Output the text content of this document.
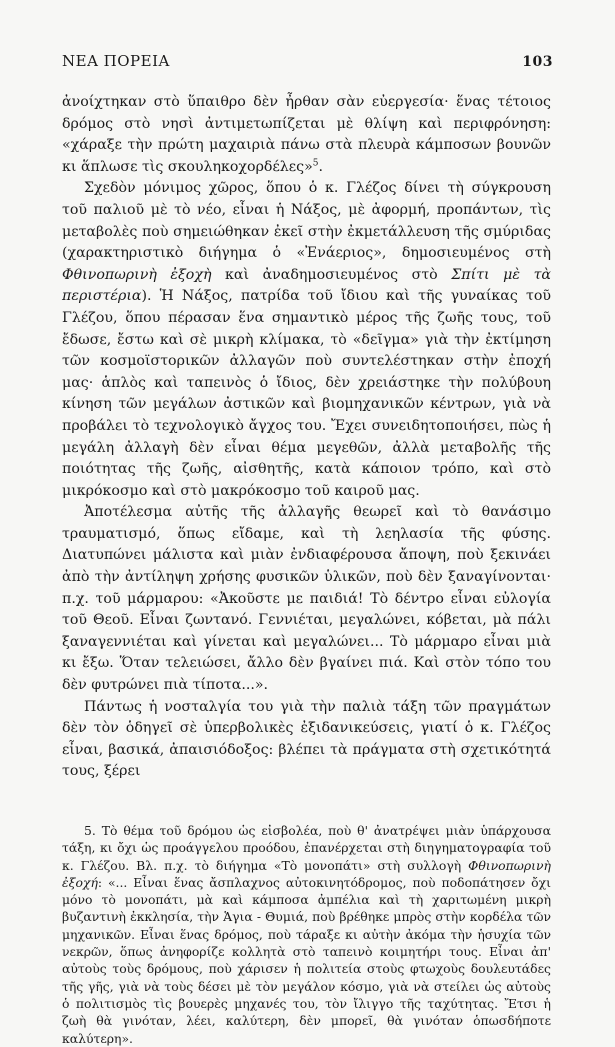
ΝΕΑ ΠΟΡΕΙΑ	103

ἀνοίχτηκαν στὸ ὕπαιθρο δὲν ἦρθαν σὰν εὐεργεσία· ἕνας τέτοιος δρόμος στὸ νησὶ ἀντιμετωπίζεται μὲ θλίψη καὶ περιφρόνηση: «χάραξε τὴν πρώτη μαχαιριὰ πάνω στὰ πλευρὰ κάμποσων βουνῶν κι ἅπλωσε τὶς σκουληκοχορδέλες»$^5$.

Σχεδὸν μόνιμος χῶρος, ὅπου ὁ κ. Γλέζος δίνει τὴ σύγκρουση τοῦ παλιοῦ μὲ τὸ νέο, εἶναι ἡ Νάξος, μὲ ἀφορμή, προπάντων, τὶς μεταβολὲς ποὺ σημειώθηκαν ἐκεῖ στὴν ἐκμετάλλευση τῆς σμύριδας (χαρακτηριστικὸ διήγημα ὁ «Ἐνάεριος», δημοσιευμένος στὴ Φθινοπωρινὴ ἐξοχὴ καὶ ἀναδημοσιευμένος στὸ Σπίτι μὲ τὰ περιστέρια). Ἡ Νάξος, πατρίδα τοῦ ἴδιου καὶ τῆς γυναίκας τοῦ Γλέζου, ὅπου πέρασαν ἕνα σημαντικὸ μέρος τῆς ζωῆς τους, τοῦ ἔδωσε, ἔστω καὶ σὲ μικρὴ κλίμακα, τὸ «δεῖγμα» γιὰ τὴν ἐκτίμηση τῶν κοσμοϊστορικῶν ἀλλαγῶν ποὺ συντελέστηκαν στὴν ἐποχή μας· ἁπλὸς καὶ ταπεινὸς ὁ ἴδιος, δὲν χρειάστηκε τὴν πολύβουη κίνηση τῶν μεγάλων ἀστικῶν καὶ βιομηχανικῶν κέντρων, γιὰ νὰ προβάλει τὸ τεχνολογικὸ ἄγχος του. Ἔχει συνειδητοποιήσει, πὼς ἡ μεγάλη ἀλλαγὴ δὲν εἶναι θέμα μεγεθῶν, ἀλλὰ μεταβολῆς τῆς ποιότητας τῆς ζωῆς, αἰσθητῆς, κατὰ κάποιον τρόπο, καὶ στὸ μικρόκοσμο καὶ στὸ μακρόκοσμο τοῦ καιροῦ μας.

Ἀποτέλεσμα αὐτῆς τῆς ἀλλαγῆς θεωρεῖ καὶ τὸ θανάσιμο τραυματισμό, ὅπως εἴδαμε, καὶ τὴ λεηλασία τῆς φύσης. Διατυπώνει μάλιστα καὶ μιὰν ἐνδιαφέρουσα ἄποψη, ποὺ ξεκινάει ἀπὸ τὴν ἀντίληψη χρήσης φυσικῶν ὑλικῶν, ποὺ δὲν ξαναγίνονται· π.χ. τοῦ μάρμαρου: «Ἀκοῦστε με παιδιά! Τὸ δέντρο εἶναι εὐλογία τοῦ Θεοῦ. Εἶναι ζωντανό. Γεννιέται, μεγαλώνει, κόβεται, μὰ πάλι ξαναγεννιέται καὶ γίνεται καὶ μεγαλώνει... Τὸ μάρμαρο εἶναι μιὰ κι ἔξω. Ὅταν τελειώσει, ἄλλο δὲν βγαίνει πιά. Καὶ στὸν τόπο του δὲν φυτρώνει πιὰ τίποτα...».

Πάντως ἡ νοσταλγία του γιὰ τὴν παλιὰ τάξη τῶν πραγμάτων δὲν τὸν ὁδηγεῖ σὲ ὑπερβολικὲς ἐξιδανικεύσεις, γιατί ὁ κ. Γλέζος εἶναι, βασικά, ἀπαισιόδοξος: βλέπει τὰ πράγματα στὴ σχετικότητά τους, ξέρει

5. Τὸ θέμα τοῦ δρόμου ὡς εἰσβολέα, ποὺ θ' ἀνατρέψει μιὰν ὑπάρχουσα τάξη, κι ὄχι ὡς προάγγελου προόδου, ἐπανέρχεται στὴ διηγηματογραφία τοῦ κ. Γλέζου. Βλ. π.χ. τὸ διήγημα «Τὸ μονοπάτι» στὴ συλλογὴ Φθινοπωρινὴ ἐξοχή: «... Εἶναι ἕνας ἄσπλαχνος αὐτοκινητόδρομος, ποὺ ποδοπάτησεν ὄχι μόνο τὸ μονοπάτι, μὰ καὶ κάμποσα ἀμπέλια καὶ τὴ χαριτωμένη μικρὴ βυζαντινὴ ἐκκλησία, τὴν Ἁγια - Θυμιά, ποὺ βρέθηκε μπρὸς στὴν κορδέλα τῶν μηχανικῶν. Εἶναι ἕνας δρόμος, ποὺ τάραξε κι αὐτὴν ἀκόμα τὴν ἡσυχία τῶν νεκρῶν, ὅπως ἀνηφορίζε κολλητὰ στὸ ταπεινὸ κοιμητήρι τους. Εἶναι ἀπ' αὐτοὺς τοὺς δρόμους, ποὺ χάρισεν ἡ πολιτεία στοὺς φτωχοὺς δουλευτάδες τῆς γῆς, γιὰ νὰ τοὺς δέσει μὲ τὸν μεγάλον κόσμο, γιὰ νὰ στείλει ὡς αὐτοὺς ὁ πολιτισμὸς τὶς βουερὲς μηχανές του, τὸν ἴλιγγο τῆς ταχύτητας. Ἔτσι ἡ ζωὴ θὰ γινόταν, λέει, καλύτερη, δὲν μπορεῖ, θὰ γινόταν ὁπωσδήποτε καλύτερη».
